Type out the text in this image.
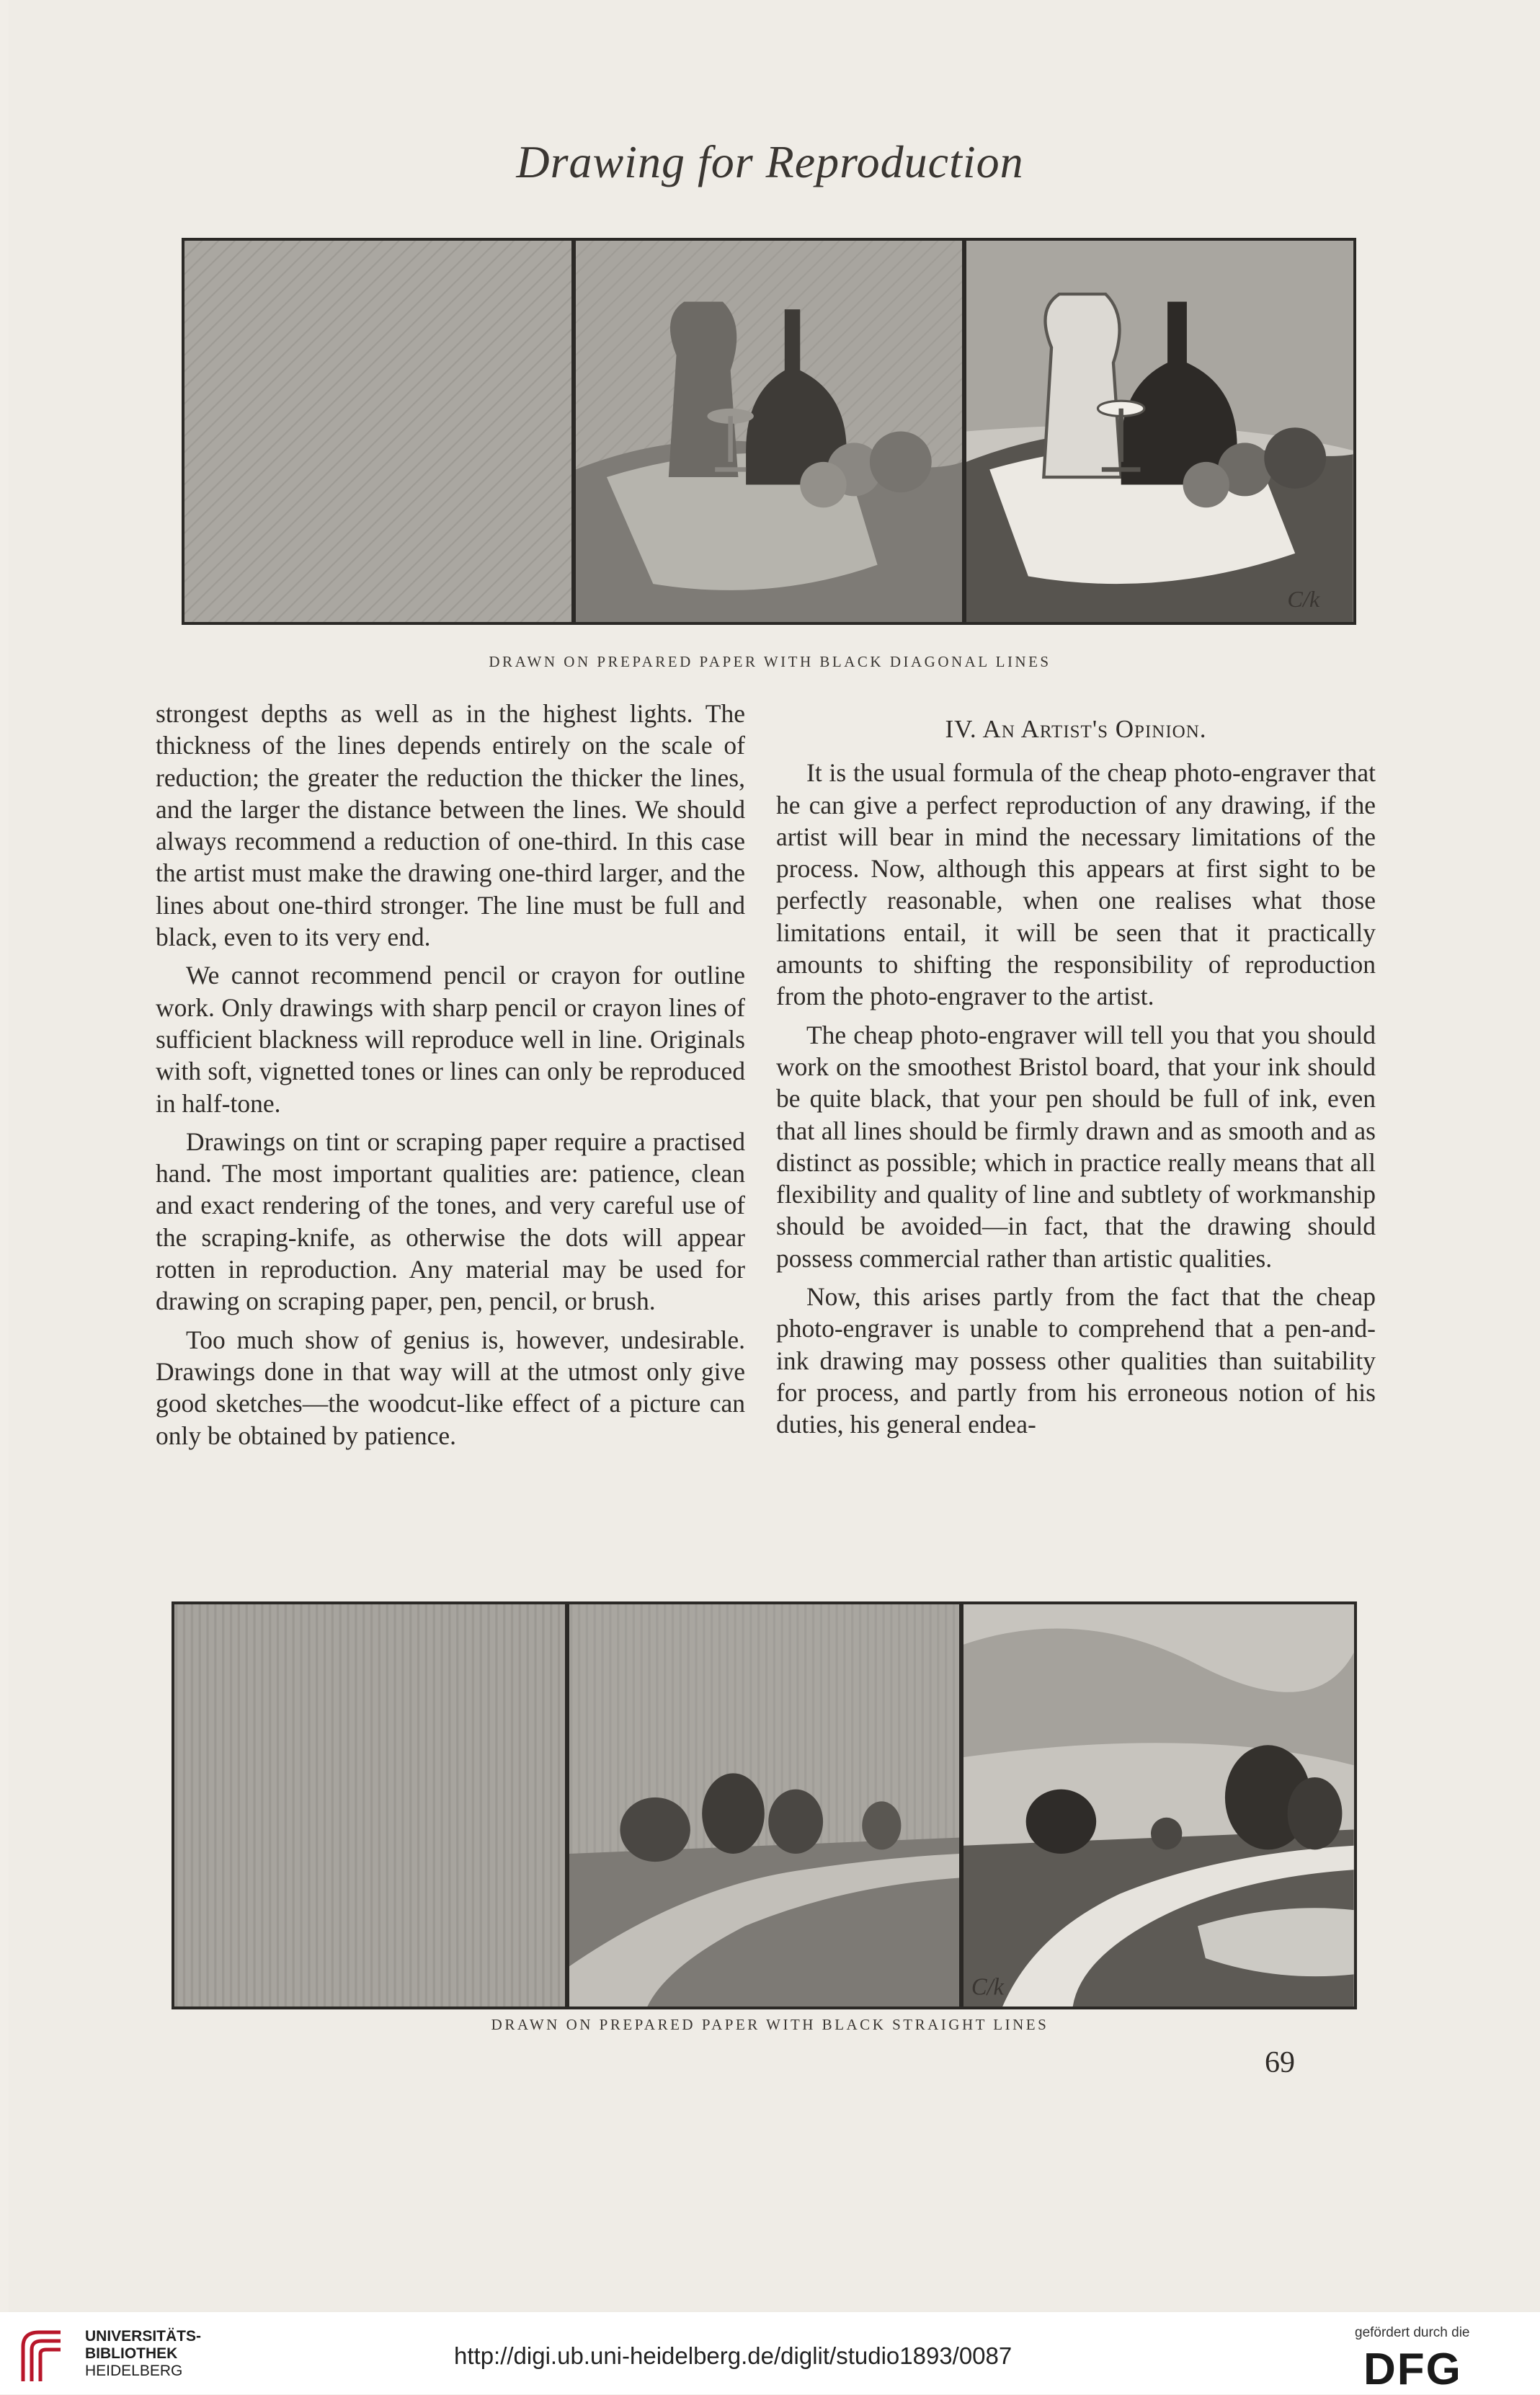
Drawing for Reproduction
C/k
DRAWN ON PREPARED PAPER WITH BLACK DIAGONAL LINES

strongest depths as well as in the highest lights. The thickness of the lines depends entirely on the scale of reduction; the greater the reduction the thicker the lines, and the larger the distance between the lines. We should always recommend a reduction of one-third. In this case the artist must make the drawing one-third larger, and the lines about one-third stronger. The line must be full and black, even to its very end.

We cannot recommend pencil or crayon for outline work. Only drawings with sharp pencil or crayon lines of sufficient blackness will reproduce well in line. Originals with soft, vignetted tones or lines can only be reproduced in half-tone.

Drawings on tint or scraping paper require a practised hand. The most important qualities are: patience, clean and exact rendering of the tones, and very careful use of the scraping-knife, as otherwise the dots will appear rotten in reproduction. Any material may be used for drawing on scraping paper, pen, pencil, or brush.

Too much show of genius is, however, undesirable. Drawings done in that way will at the utmost only give good sketches—the woodcut-like effect of a picture can only be obtained by patience.

IV. An Artist's Opinion.

It is the usual formula of the cheap photo-engraver that he can give a perfect reproduction of any drawing, if the artist will bear in mind the necessary limitations of the process. Now, although this appears at first sight to be perfectly reasonable, when one realises what those limitations entail, it will be seen that it practically amounts to shifting the responsibility of reproduction from the photo-engraver to the artist.

The cheap photo-engraver will tell you that you should work on the smoothest Bristol board, that your ink should be quite black, that your pen should be full of ink, even that all lines should be firmly drawn and as smooth and as distinct as possible; which in practice really means that all flexibility and quality of line and subtlety of workmanship should be avoided—in fact, that the drawing should possess commercial rather than artistic qualities.

Now, this arises partly from the fact that the cheap photo-engraver is unable to comprehend that a pen-and-ink drawing may possess other qualities than suitability for process, and partly from his erroneous notion of his duties, his general endea-

C/k
DRAWN ON PREPARED PAPER WITH BLACK STRAIGHT LINES
69
UNIVERSITÄTS-
BIBLIOTHEK
HEIDELBERG
http://digi.ub.uni-heidelberg.de/diglit/studio1893/0087
gefördert durch die
DFG
